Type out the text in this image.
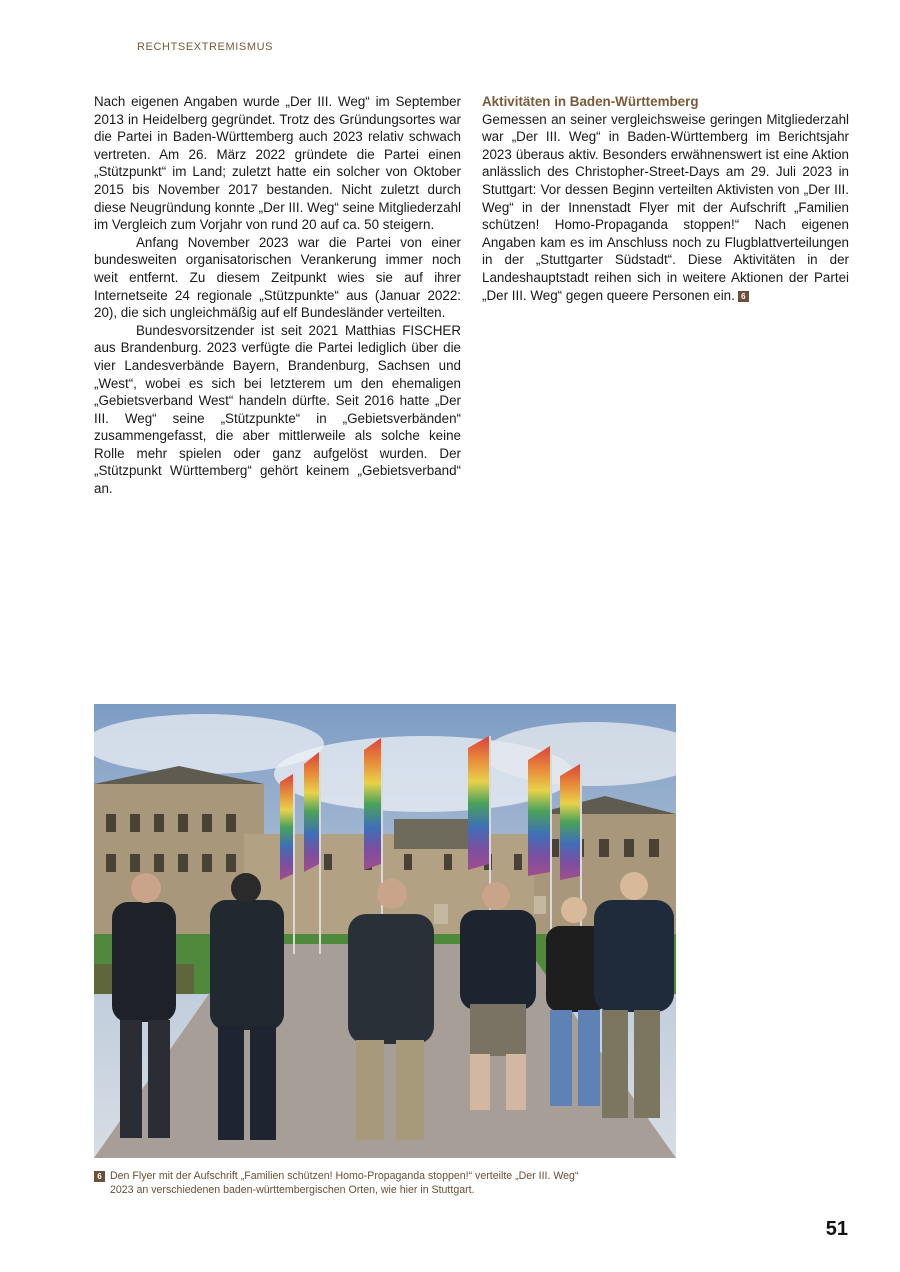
RECHTSEXTREMISMUS

Nach eigenen Angaben wurde „Der III. Weg“ im September 2013 in Heidelberg gegründet. Trotz des Gründungsortes war die Partei in Baden-Württemberg auch 2023 relativ schwach vertreten. Am 26. März 2022 gründete die Partei einen „Stützpunkt“ im Land; zuletzt hatte ein solcher von Oktober 2015 bis November 2017 bestanden. Nicht zuletzt durch diese Neugründung konnte „Der III. Weg“ seine Mitgliederzahl im Vergleich zum Vorjahr von rund 20 auf ca. 50 steigern.

Anfang November 2023 war die Partei von einer bundesweiten organisatorischen Verankerung immer noch weit entfernt. Zu diesem Zeitpunkt wies sie auf ihrer Internetseite 24 regionale „Stützpunkte“ aus (Januar 2022: 20), die sich ungleichmäßig auf elf Bundesländer verteilten.

Bundesvorsitzender ist seit 2021 Matthias FISCHER aus Brandenburg. 2023 verfügte die Partei lediglich über die vier Landesverbände Bayern, Brandenburg, Sachsen und „West“, wobei es sich bei letzterem um den ehemaligen „Gebietsverband West“ handeln dürfte. Seit 2016 hatte „Der III. Weg“ seine „Stützpunkte“ in „Gebietsverbänden“ zusammengefasst, die aber mittlerweile als solche keine Rolle mehr spielen oder ganz aufgelöst wurden. Der „Stützpunkt Württemberg“ gehört keinem „Gebietsverband“ an.

Aktivitäten in Baden-Württemberg

Gemessen an seiner vergleichsweise geringen Mitgliederzahl war „Der III. Weg“ in Baden-Württemberg im Berichtsjahr 2023 überaus aktiv. Besonders erwähnenswert ist eine Aktion anlässlich des Christopher-Street-Days am 29. Juli 2023 in Stuttgart: Vor dessen Beginn verteilten Aktivisten von „Der III. Weg“ in der Innenstadt Flyer mit der Aufschrift „Familien schützen! Homo-Propaganda stoppen!“ Nach eigenen Angaben kam es im Anschluss noch zu Flugblattverteilungen in der „Stuttgarter Südstadt“. Diese Aktivitäten in der Landeshauptstadt reihen sich in weitere Aktionen der Partei „Der III. Weg“ gegen queere Personen ein. 6

6 Den Flyer mit der Aufschrift „Familien schützen! Homo-Propaganda stoppen!“ verteilte „Der III. Weg“
2023 an verschiedenen baden-württembergischen Orten, wie hier in Stuttgart.
51
